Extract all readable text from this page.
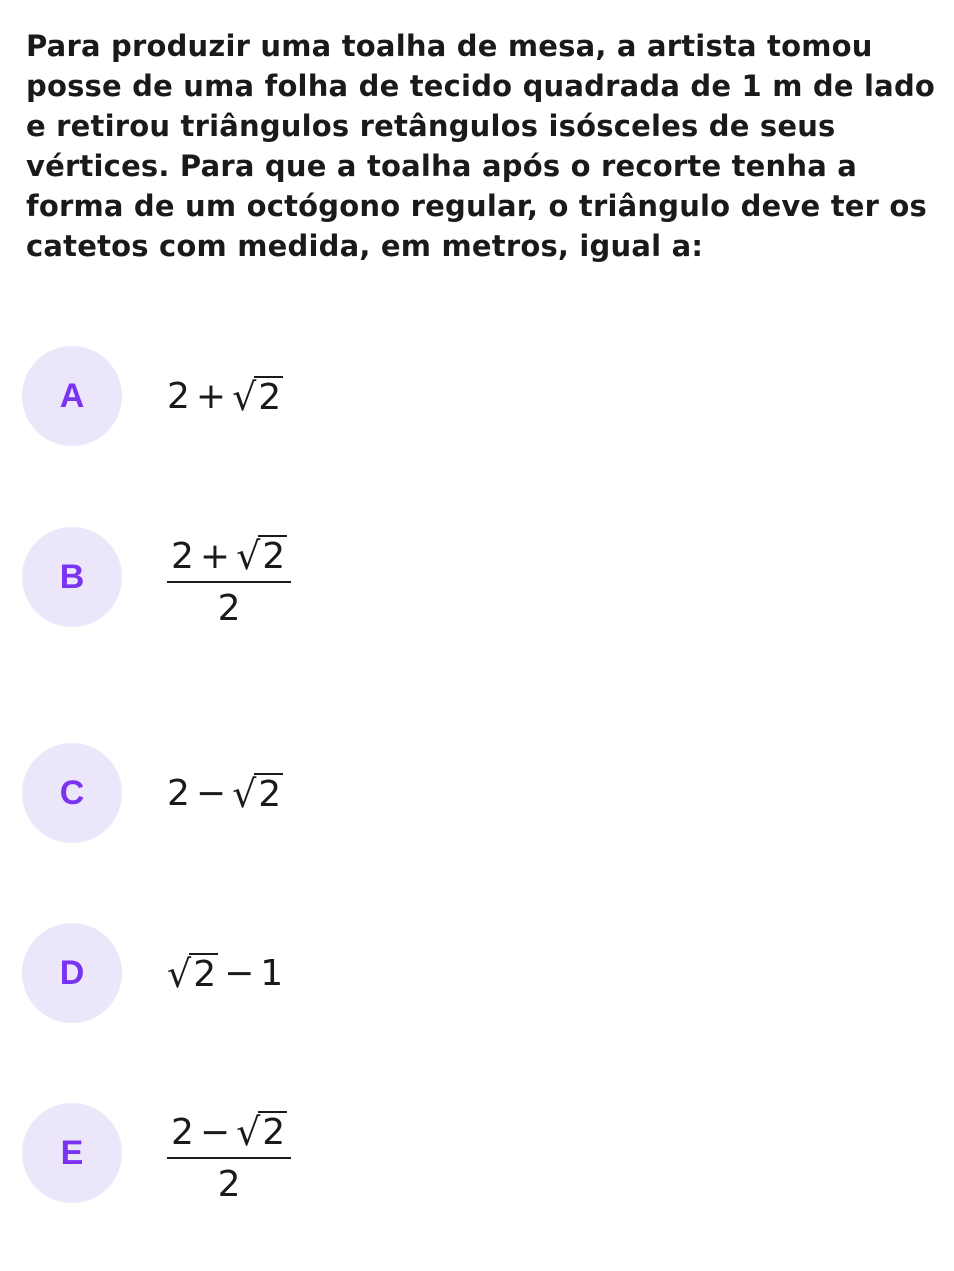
Para produzir uma toalha de mesa, a artista tomou posse de uma folha de tecido quadrada de 1 m de lado e retirou triângulos retângulos isósceles de seus vértices. Para que a toalha após o recorte tenha a forma de um octógono regular, o triângulo deve ter os catetos com medida, em metros, igual a:

A	2 + √ 2
B	$\frac{2 + √ 2}{2}$
C	2 − √ 2
D	√ 2 − 1
E	$\frac{2 - √ 2}{2}$
